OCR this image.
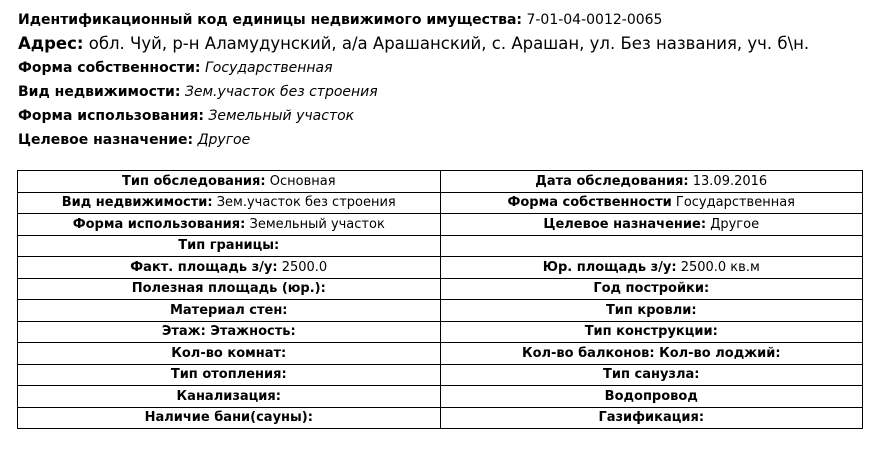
Идентификационный код единицы недвижимого имущества: 7-01-04-0012-0065
Адрес: обл. Чуй, р-н Аламудунский, а/а Арашанский, с. Арашан, ул. Без названия, уч. б\н.
Форма собственности: Государственная
Вид недвижимости: Зем.участок без строения
Форма использования: Земельный участок
Целевое назначение: Другое
Тип обследования: Основная	Дата обследования: 13.09.2016
Вид недвижимости: Зем.участок без строения	Форма собственности Государственная
Форма использования: Земельный участок	Целевое назначение: Другое
Тип границы:	
Факт. площадь з/у: 2500.0	Юр. площадь з/у: 2500.0 кв.м
Полезная площадь (юр.):	Год постройки:
Материал стен:	Тип кровли:
Этаж: Этажность:	Тип конструкции:
Кол-во комнат:	Кол-во балконов: Кол-во лоджий:
Тип отопления:	Тип санузла:
Канализация:	Водопровод
Наличие бани(сауны):	Газификация:
